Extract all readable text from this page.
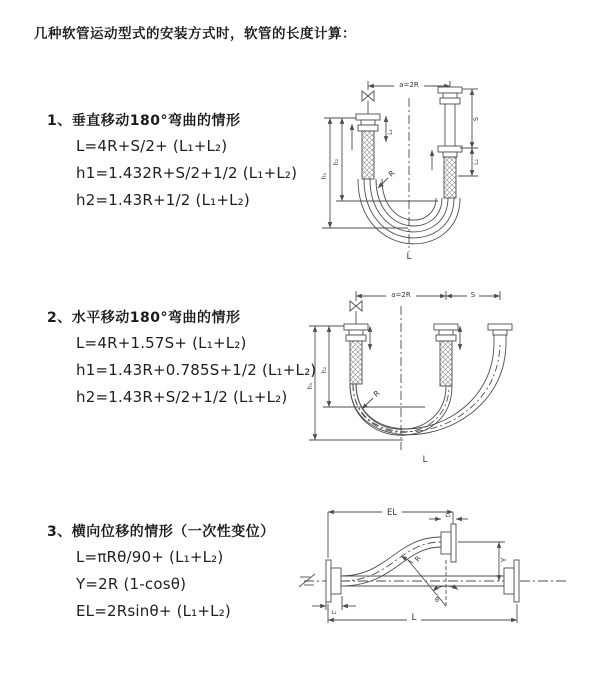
几种软管运动型式的安装方式时，软管的长度计算：
1、垂直移动180°弯曲的情形
L=4R+S/2+ (L₁+L₂)
h1=1.432R+S/2+1/2 (L₁+L₂)
h2=1.43R+1/2 (L₁+L₂)
2、水平移动180°弯曲的情形
L=4R+1.57S+ (L₁+L₂)
h1=1.43R+0.785S+1/2 (L₁+L₂)
h2=1.43R+S/2+1/2 (L₁+L₂)
3、横向位移的情形（一次性变位）
L=πRθ/90+ (L₁+L₂)
Y=2R (1-cosθ)
EL=2Rsinθ+ (L₁+L₂)
a=2R
L₁
S
L₂
h₁
h₂
R
L
a=2R	S
h₁
h₂
R
L
EL	L₂
Y
R
θ
L₁	L
